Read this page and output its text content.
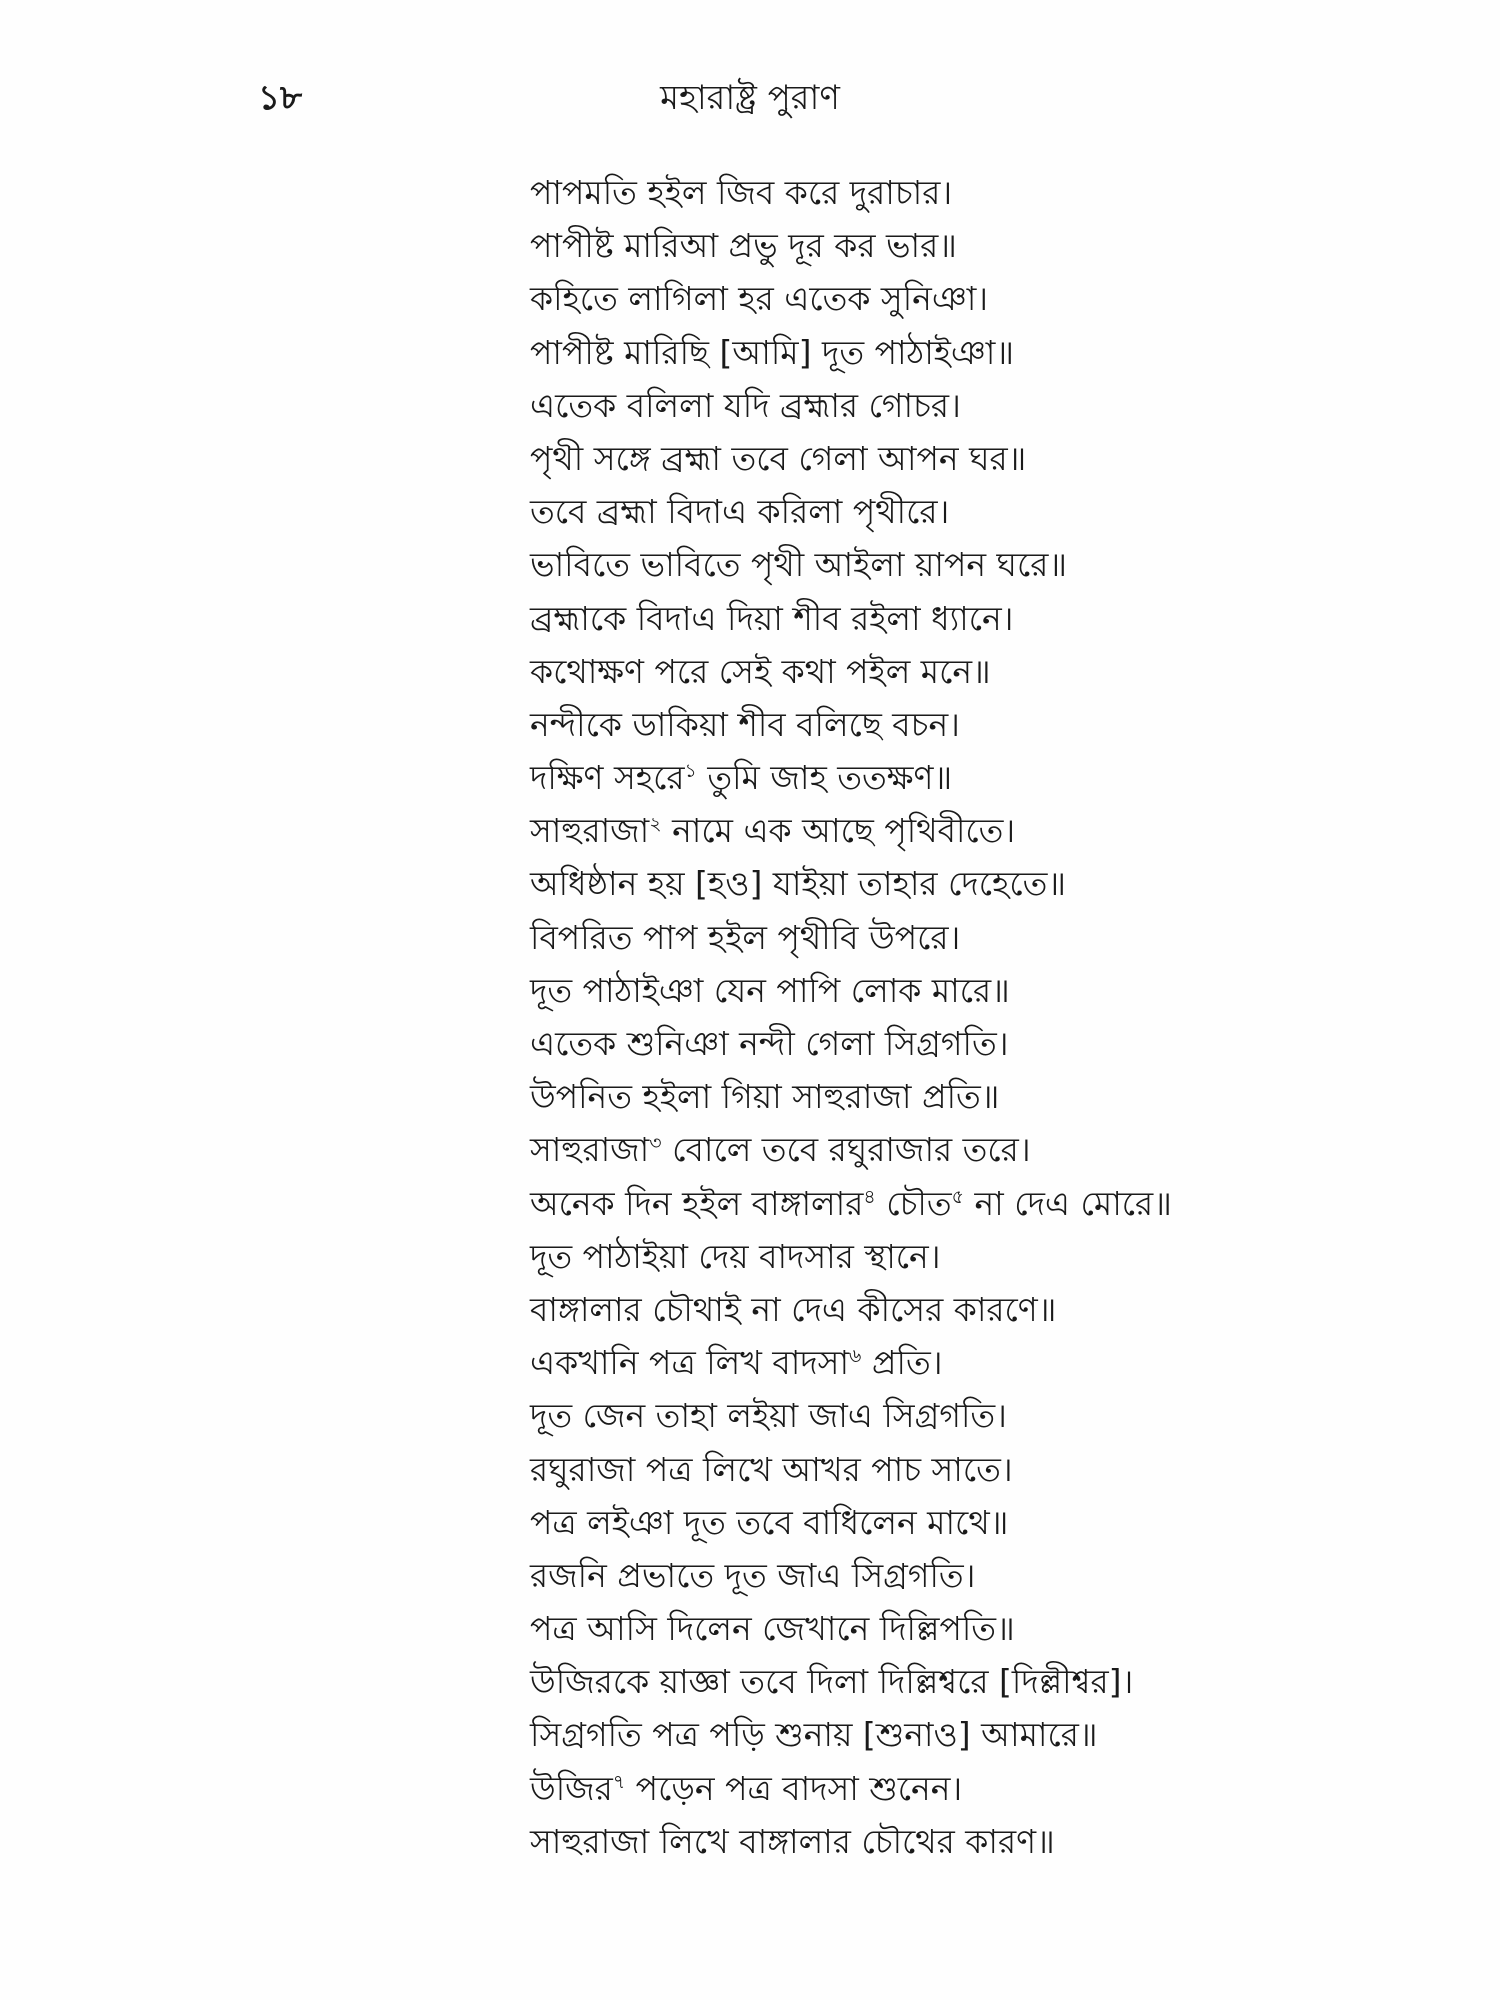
১৮	মহারাষ্ট্র পুরাণ
পাপমতি হইল জিব করে দুরাচার।
পাপীষ্ট মারিআ প্রভু দূর কর ভার॥
কহিতে লাগিলা হর এতেক সুনিঞা।
পাপীষ্ট মারিছি [আমি] দূত পাঠাইঞা॥
এতেক বলিলা যদি ব্রহ্মার গোচর।
পৃথী সঙ্গে ব্রহ্মা তবে গেলা আপন ঘর॥
তবে ব্রহ্মা বিদাএ করিলা পৃথীরে।
ভাবিতে ভাবিতে পৃথী আইলা য়াপন ঘরে॥
ব্রহ্মাকে বিদাএ দিয়া শীব রইলা ধ্যানে।
কথোক্ষণ পরে সেই কথা পইল মনে॥
নন্দীকে ডাকিয়া শীব বলিছে বচন।
দক্ষিণ সহরে$^১$ তুমি জাহ ততক্ষণ॥
সাহুরাজা$^২$ নামে এক আছে পৃথিবীতে।
অধিষ্ঠান হয় [হও] যাইয়া তাহার দেহেতে॥
বিপরিত পাপ হইল পৃথীবি উপরে।
দূত পাঠাইঞা যেন পাপি লোক মারে॥
এতেক শুনিঞা নন্দী গেলা সিগ্রগতি।
উপনিত হইলা গিয়া সাহুরাজা প্রতি॥
সাহুরাজা$^৩$ বোলে তবে রঘুরাজার তরে।
অনেক দিন হইল বাঙ্গালার$^৪$ চৌত$^৫$ না দেএ মোরে॥
দূত পাঠাইয়া দেয় বাদসার স্থানে।
বাঙ্গালার চৌথাই না দেএ কীসের কারণে॥
একখানি পত্র লিখ বাদসা$^৬$ প্রতি।
দূত জেন তাহা লইয়া জাএ সিগ্রগতি।
রঘুরাজা পত্র লিখে আখর পাচ সাতে।
পত্র লইঞা দূত তবে বাধিলেন মাথে॥
রজনি প্রভাতে দূত জাএ সিগ্রগতি।
পত্র আসি দিলেন জেখানে দিল্লিপতি॥
উজিরকে য়াজ্ঞা তবে দিলা দিল্লিশ্বরে [দিল্লীশ্বর]।
সিগ্রগতি পত্র পড়ি শুনায় [শুনাও] আমারে॥
উজির$^৭$ পড়েন পত্র বাদসা শুনেন।
সাহুরাজা লিখে বাঙ্গালার চৌথের কারণ॥
